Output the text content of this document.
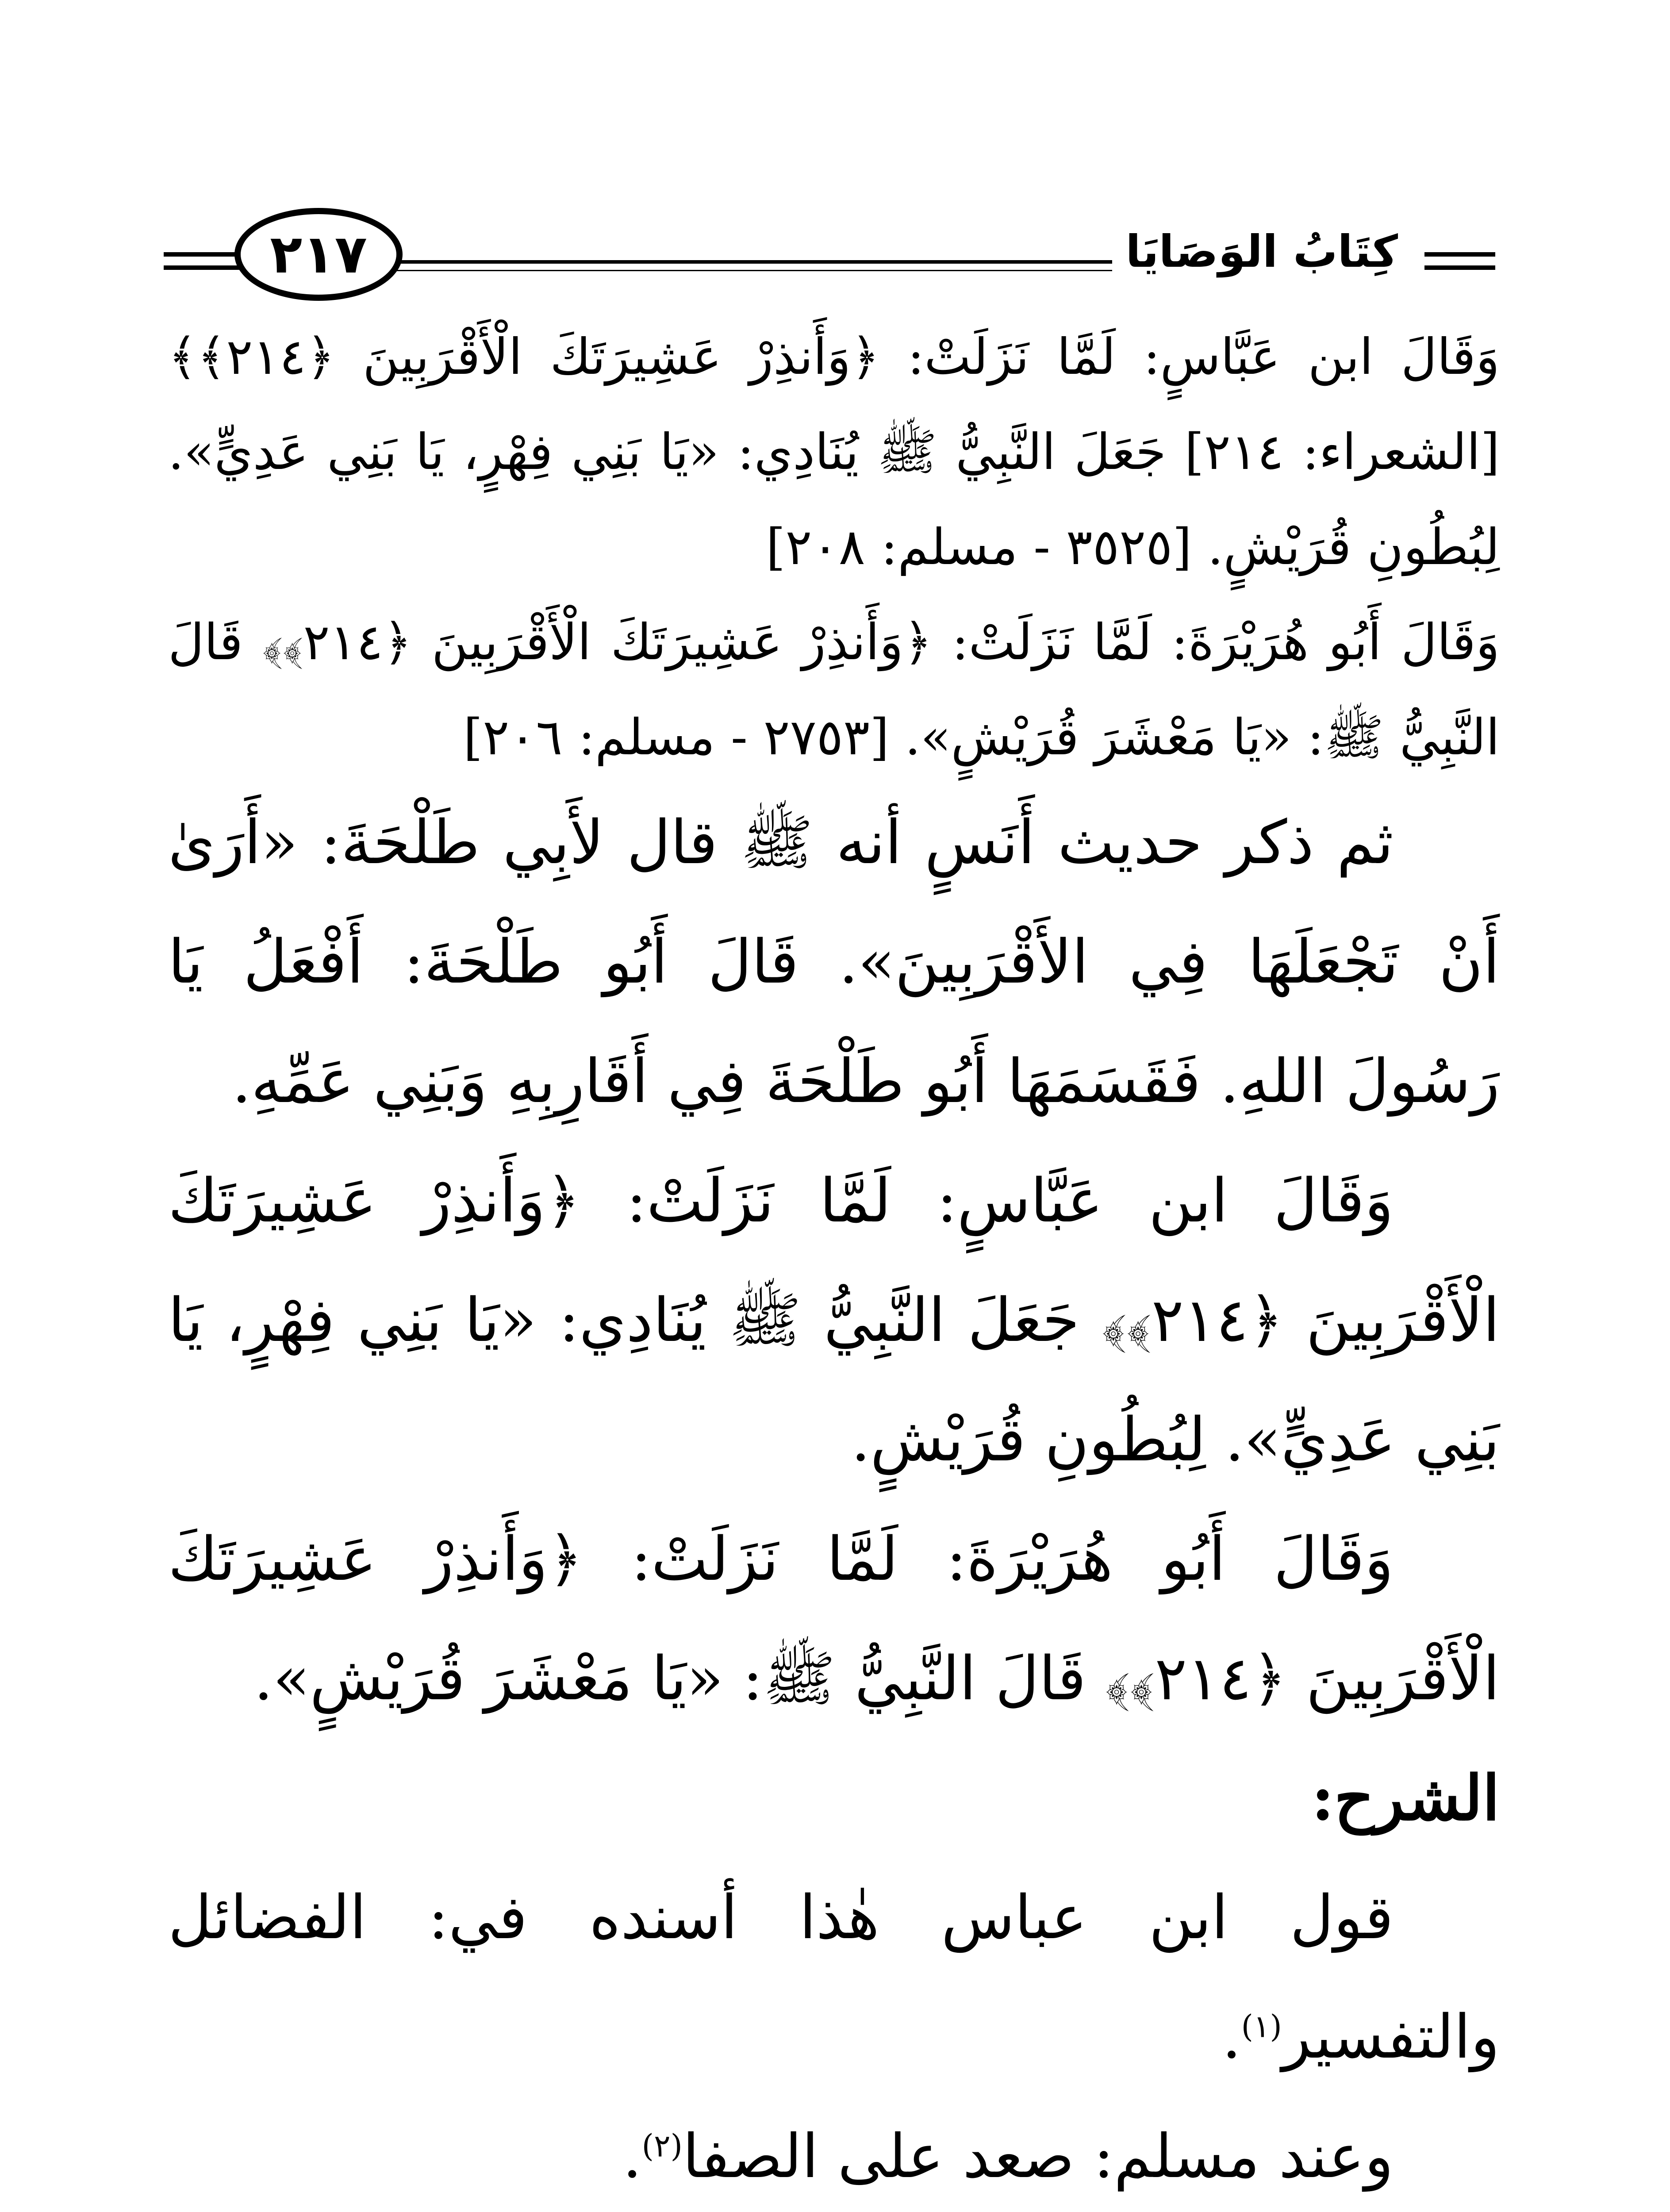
٢١٧	كِتَابُ الوَصَايَا

وَقَالَ ابن عَبَّاسٍ: لَمَّا نَزَلَتْ: ﴿وَأَنذِرْ عَشِيرَتَكَ الْأَقْرَبِينَ ﴿٢١٤﴾﴾ [الشعراء: ٢١٤] جَعَلَ النَّبِيُّ ﷺ يُنَادِي: «يَا بَنِي فِهْرٍ، يَا بَنِي عَدِيٍّ». لِبُطُونِ قُرَيْشٍ. [٣٥٢٥ - مسلم: ٢٠٨]

وَقَالَ أَبُو هُرَيْرَةَ: لَمَّا نَزَلَتْ: ﴿وَأَنذِرْ عَشِيرَتَكَ الْأَقْرَبِينَ ﴿٢١٤﴾﴾ قَالَ النَّبِيُّ ﷺ: «يَا مَعْشَرَ قُرَيْشٍ». [٢٧٥٣ - مسلم: ٢٠٦]

ثم ذكر حديث أَنَسٍ أنه ﷺ قال لأَبِي طَلْحَةَ: «أَرَىٰ أَنْ تَجْعَلَهَا فِي الأَقْرَبِينَ». قَالَ أَبُو طَلْحَةَ: أَفْعَلُ يَا رَسُولَ اللهِ. فَقَسَمَهَا أَبُو طَلْحَةَ فِي أَقَارِبِهِ وَبَنِي عَمِّهِ.

وَقَالَ ابن عَبَّاسٍ: لَمَّا نَزَلَتْ: ﴿وَأَنذِرْ عَشِيرَتَكَ الْأَقْرَبِينَ ﴿٢١٤﴾﴾ جَعَلَ النَّبِيُّ ﷺ يُنَادِي: «يَا بَنِي فِهْرٍ، يَا بَنِي عَدِيٍّ». لِبُطُونِ قُرَيْشٍ.

وَقَالَ أَبُو هُرَيْرَةَ: لَمَّا نَزَلَتْ: ﴿وَأَنذِرْ عَشِيرَتَكَ الْأَقْرَبِينَ ﴿٢١٤﴾﴾ قَالَ النَّبِيُّ ﷺ: «يَا مَعْشَرَ قُرَيْشٍ».

الشرح:

قول ابن عباس هٰذا أسنده في: الفضائل والتفسير$^{(١)}$.

وعند مسلم: صعد على الصفا$^{(٢)}$.
